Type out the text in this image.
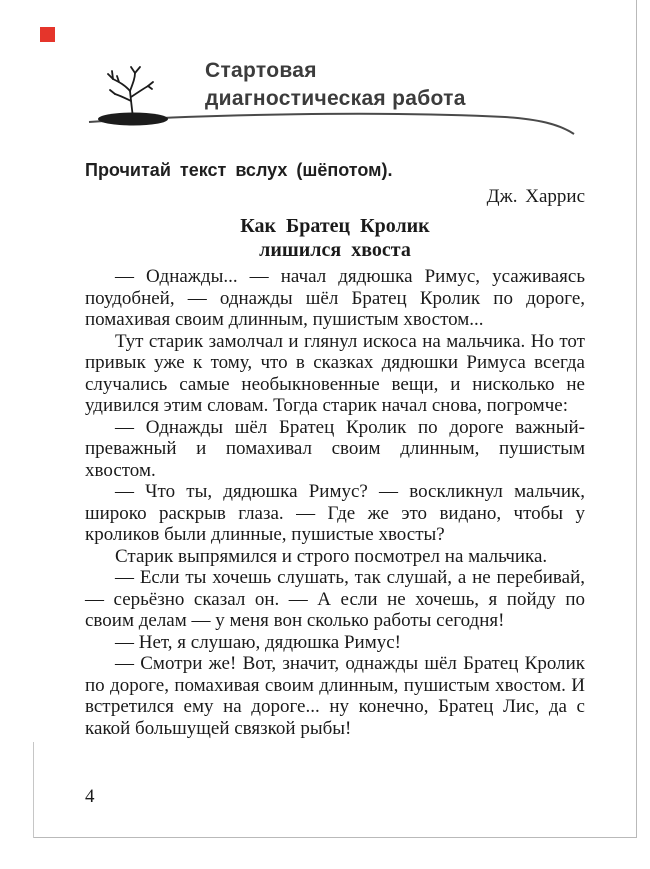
Стартовая
диагностическая работа

Прочитай текст вслух (шёпотом).

Дж. Харрис

Как Братец Кролик
лишился хвоста

— Однажды... — начал дядюшка Римус, усаживаясь поудобней, — однажды шёл Братец Кролик по дороге, помахивая своим длинным, пушистым хвостом...

Тут старик замолчал и глянул искоса на мальчика. Но тот привык уже к тому, что в сказках дядюшки Римуса всегда случались самые необыкновенные вещи, и нисколько не удивился этим словам. Тогда старик начал снова, погромче:

— Однажды шёл Братец Кролик по дороге важный-преважный и помахивал своим длинным, пушистым хвостом.

— Что ты, дядюшка Римус? — воскликнул мальчик, широко раскрыв глаза. — Где же это видано, чтобы у кроликов были длинные, пушистые хвосты?

Старик выпрямился и строго посмотрел на мальчика.

— Если ты хочешь слушать, так слушай, а не перебивай, — серьёзно сказал он. — А если не хочешь, я пойду по своим делам — у меня вон сколько работы сегодня!

— Нет, я слушаю, дядюшка Римус!

— Смотри же! Вот, значит, однажды шёл Братец Кролик по дороге, помахивая своим длинным, пушистым хвостом. И встретился ему на дороге... ну конечно, Братец Лис, да с какой большущей связкой рыбы!

4
